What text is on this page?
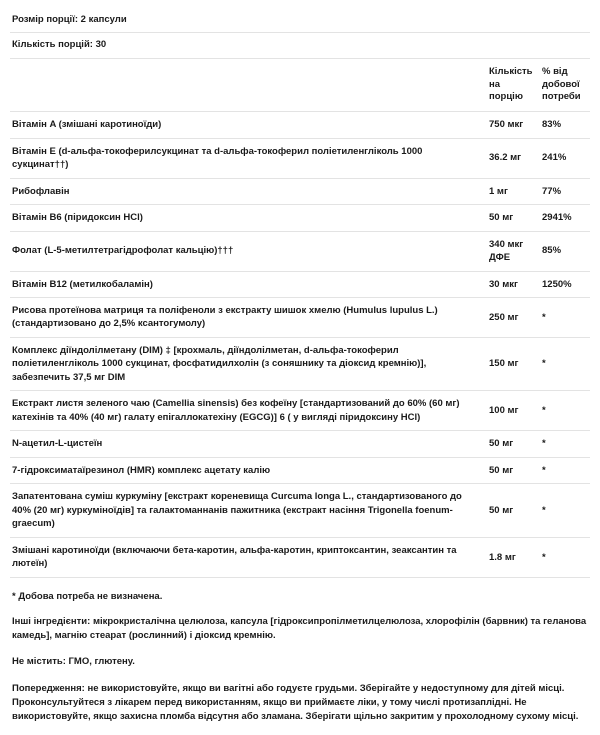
Розмір порції: 2 капсули
Кількість порцій: 30
	Кількість на порцію	% від добової потреби
Вітамін A (змішані каротиноїди)	750 мкг	83%
Вітамін E (d-альфа-токоферилсукцинат та d-альфа-токоферил поліетиленгліколь 1000 сукцинат††)	36.2 мг	241%
Рибофлавін	1 мг	77%
Вітамін B6 (піридоксин HCl)	50 мг	2941%
Фолат (L-5-метилтетрагідрофолат кальцію)†††	340 мкг ДФЕ	85%
Вітамін B12 (метилкобаламін)	30 мкг	1250%
Рисова протеїнова матриця та поліфеноли з екстракту шишок хмелю (Humulus lupulus L.) (стандартизовано до 2,5% ксантогумолу)	250 мг	*
Комплекс діїндолілметану (DIM) ‡ [крохмаль, діїндолілметан, d-альфа-токоферил поліетиленгліколь 1000 сукцинат, фосфатидилхолін (з соняшнику та діоксид кремнію)], забезпечить 37,5 мг DIM	150 мг	*
Екстракт листя зеленого чаю (Camellia sinensis) без кофеїну [стандартизований до 60% (60 мг) катехінів та 40% (40 мг) галату епігаллокатехіну (EGCG)] 6 ( у вигляді піридоксину HCl)	100 мг	*
N-ацетил-L-цистеїн	50 мг	*
7-гідроксиматаїрезинол (HMR) комплекс ацетату калію	50 мг	*
Запатентована суміш куркуміну [екстракт кореневища Curcuma longa L., стандартизованого до 40% (20 мг) куркуміноїдів] та галактоманнанів пажитника (екстракт насіння Trigonella foenum-graecum)	50 мг	*
Змішані каротиноїди (включаючи бета-каротин, альфа-каротин, криптоксантин, зеаксантин та лютеїн)	1.8 мг	*

* Добова потреба не визначена.

Інші інгредієнти: мікрокристалічна целюлоза, капсула [гідроксипропілметилцелюлоза, хлорофілін (барвник) та геланова камедь], магнію стеарат (рослинний) і діоксид кремнію.

Не містить: ГМО, глютену.

Попередження: не використовуйте, якщо ви вагітні або годуєте грудьми. Зберігайте у недоступному для дітей місці. Проконсультуйтеся з лікарем перед використанням, якщо ви приймаєте ліки, у тому числі протизаплідні. Не використовуйте, якщо захисна пломба відсутня або зламана. Зберігати щільно закритим у прохолодному сухому місці.
